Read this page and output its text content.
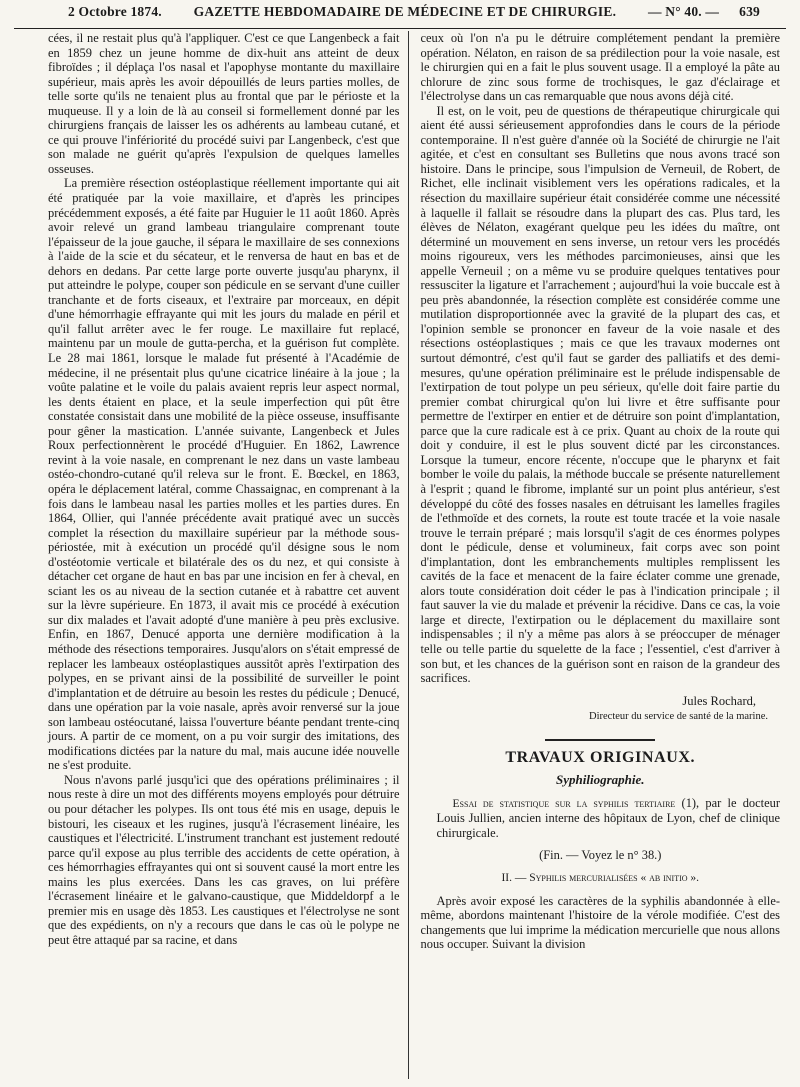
2 Octobre 1874. GAZETTE HEBDOMADAIRE DE MÉDECINE ET DE CHIRURGIE. — N° 40. — 639

cées, il ne restait plus qu'à l'appliquer. C'est ce que Langenbeck a fait en 1859 chez un jeune homme de dix-huit ans atteint de deux fibroïdes ; il déplaça l'os nasal et l'apophyse montante du maxillaire supérieur, mais après les avoir dépouillés de leurs parties molles, de telle sorte qu'ils ne tenaient plus au frontal que par le périoste et la muqueuse. Il y a loin de là au conseil si formellement donné par les chirurgiens français de laisser les os adhérents au lambeau cutané, et ce qui prouve l'infériorité du procédé suivi par Langenbeck, c'est que son malade ne guérit qu'après l'expulsion de quelques lamelles osseuses.

La première résection ostéoplastique réellement importante qui ait été pratiquée par la voie maxillaire, et d'après les principes précédemment exposés, a été faite par Huguier le 11 août 1860. Après avoir relevé un grand lambeau triangulaire comprenant toute l'épaisseur de la joue gauche, il sépara le maxillaire de ses connexions à l'aide de la scie et du sécateur, et le renversa de haut en bas et de dehors en dedans. Par cette large porte ouverte jusqu'au pharynx, il put atteindre le polype, couper son pédicule en se servant d'une cuiller tranchante et de forts ciseaux, et l'extraire par morceaux, en dépit d'une hémorrhagie effrayante qui mit les jours du malade en péril et qu'il fallut arrêter avec le fer rouge. Le maxillaire fut replacé, maintenu par un moule de gutta-percha, et la guérison fut complète. Le 28 mai 1861, lorsque le malade fut présenté à l'Académie de médecine, il ne présentait plus qu'une cicatrice linéaire à la joue ; la voûte palatine et le voile du palais avaient repris leur aspect normal, les dents étaient en place, et la seule imperfection qui pût être constatée consistait dans une mobilité de la pièce osseuse, insuffisante pour gêner la mastication. L'année suivante, Langenbeck et Jules Roux perfectionnèrent le procédé d'Huguier. En 1862, Lawrence revint à la voie nasale, en comprenant le nez dans un vaste lambeau ostéo-chondro-cutané qu'il releva sur le front. E. Bœckel, en 1863, opéra le déplacement latéral, comme Chassaignac, en comprenant à la fois dans le lambeau nasal les parties molles et les parties dures. En 1864, Ollier, qui l'année précédente avait pratiqué avec un succès complet la résection du maxillaire supérieur par la méthode sous-périostée, mit à exécution un procédé qu'il désigne sous le nom d'ostéotomie verticale et bilatérale des os du nez, et qui consiste à détacher cet organe de haut en bas par une incision en fer à cheval, en sciant les os au niveau de la section cutanée et à rabattre cet auvent sur la lèvre supérieure. En 1873, il avait mis ce procédé à exécution sur dix malades et l'avait adopté d'une manière à peu près exclusive. Enfin, en 1867, Denucé apporta une dernière modification à la méthode des résections temporaires. Jusqu'alors on s'était empressé de replacer les lambeaux ostéoplastiques aussitôt après l'extirpation des polypes, en se privant ainsi de la possibilité de surveiller le point d'implantation et de détruire au besoin les restes du pédicule ; Denucé, dans une opération par la voie nasale, après avoir renversé sur la joue son lambeau ostéocutané, laissa l'ouverture béante pendant trente-cinq jours. A partir de ce moment, on a pu voir surgir des imitations, des modifications dictées par la nature du mal, mais aucune idée nouvelle ne s'est produite.

Nous n'avons parlé jusqu'ici que des opérations préliminaires ; il nous reste à dire un mot des différents moyens employés pour détruire ou pour détacher les polypes. Ils ont tous été mis en usage, depuis le bistouri, les ciseaux et les rugines, jusqu'à l'écrasement linéaire, les caustiques et l'électricité. L'instrument tranchant est justement redouté parce qu'il expose au plus terrible des accidents de cette opération, à ces hémorrhagies effrayantes qui ont si souvent causé la mort entre les mains les plus exercées. Dans les cas graves, on lui préfère l'écrasement linéaire et le galvano-caustique, que Middeldorpf a le premier mis en usage dès 1853. Les caustiques et l'électrolyse ne sont que des expédients, on n'y a recours que dans le cas où le polype ne peut être attaqué par sa racine, et dans

ceux où l'on n'a pu le détruire complétement pendant la première opération. Nélaton, en raison de sa prédilection pour la voie nasale, est le chirurgien qui en a fait le plus souvent usage. Il a employé la pâte au chlorure de zinc sous forme de trochisques, le gaz d'éclairage et l'électrolyse dans un cas remarquable que nous avons déjà cité.

Il est, on le voit, peu de questions de thérapeutique chirurgicale qui aient été aussi sérieusement approfondies dans le cours de la période contemporaine. Il n'est guère d'année où la Société de chirurgie ne l'ait agitée, et c'est en consultant ses Bulletins que nous avons tracé son histoire. Dans le principe, sous l'impulsion de Verneuil, de Robert, de Richet, elle inclinait visiblement vers les opérations radicales, et la résection du maxillaire supérieur était considérée comme une nécessité à laquelle il fallait se résoudre dans la plupart des cas. Plus tard, les élèves de Nélaton, exagérant quelque peu les idées du maître, ont déterminé un mouvement en sens inverse, un retour vers les procédés moins rigoureux, vers les méthodes parcimonieuses, ainsi que les appelle Verneuil ; on a même vu se produire quelques tentatives pour ressusciter la ligature et l'arrachement ; aujourd'hui la voie buccale est à peu près abandonnée, la résection complète est considérée comme une mutilation disproportionnée avec la gravité de la plupart des cas, et l'opinion semble se prononcer en faveur de la voie nasale et des résections ostéoplastiques ; mais ce que les travaux modernes ont surtout démontré, c'est qu'il faut se garder des palliatifs et des demi-mesures, qu'une opération préliminaire est le prélude indispensable de l'extirpation de tout polype un peu sérieux, qu'elle doit faire partie du premier combat chirurgical qu'on lui livre et être suffisante pour permettre de l'extirper en entier et de détruire son point d'implantation, parce que la cure radicale est à ce prix. Quant au choix de la route qui doit y conduire, il est le plus souvent dicté par les circonstances. Lorsque la tumeur, encore récente, n'occupe que le pharynx et fait bomber le voile du palais, la méthode buccale se présente naturellement à l'esprit ; quand le fibrome, implanté sur un point plus antérieur, s'est développé du côté des fosses nasales en détruisant les lamelles fragiles de l'ethmoïde et des cornets, la route est toute tracée et la voie nasale trouve le terrain préparé ; mais lorsqu'il s'agit de ces énormes polypes dont le pédicule, dense et volumineux, fait corps avec son point d'implantation, dont les embranchements multiples remplissent les cavités de la face et menacent de la faire éclater comme une grenade, alors toute considération doit céder le pas à l'indication principale ; il faut sauver la vie du malade et prévenir la récidive. Dans ce cas, la voie large et directe, l'extirpation ou le déplacement du maxillaire sont indispensables ; il n'y a même pas alors à se préoccuper de ménager telle ou telle partie du squelette de la face ; l'essentiel, c'est d'arriver à son but, et les chances de la guérison sont en raison de la grandeur des sacrifices.

Jules Rochard,
Directeur du service de santé de la marine.
TRAVAUX ORIGINAUX.
Syphiliographie.

Essai de statistique sur la syphilis tertiaire (1), par le docteur Louis Jullien, ancien interne des hôpitaux de Lyon, chef de clinique chirurgicale.

(Fin. — Voyez le n° 38.)
II. — Syphilis mercurialisées « ab initio ».

Après avoir exposé les caractères de la syphilis abandonnée à elle-même, abordons maintenant l'histoire de la vérole modifiée. C'est des changements que lui imprime la médication mercurielle que nous allons nous occuper. Suivant la division
